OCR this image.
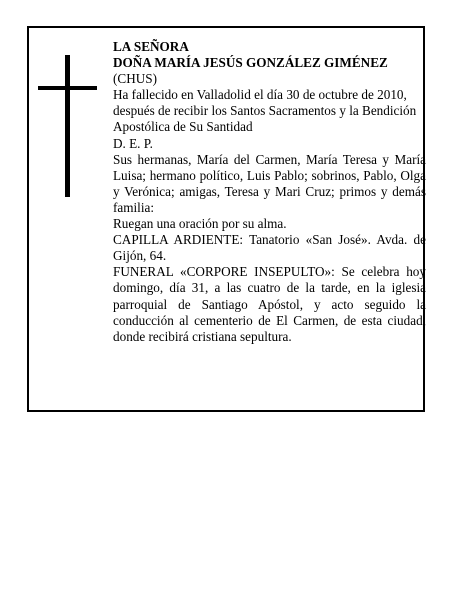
LA SEÑORA

DOÑA MARÍA JESÚS GONZÁLEZ GIMÉNEZ

(CHUS)

Ha fallecido en Valladolid el día 30 de octubre de 2010, después de recibir los Santos Sacramentos y la Bendición Apostólica de Su Santidad

D. E. P.

Sus hermanas, María del Carmen, María Teresa y María Luisa; hermano político, Luis Pablo; sobrinos, Pablo, Olga y Verónica; amigas, Teresa y Mari Cruz; primos y demás familia:

Ruegan una oración por su alma.

CAPILLA ARDIENTE: Tanatorio «San José». Avda. de Gijón, 64.

FUNERAL «CORPORE INSEPULTO»: Se celebra hoy domingo, día 31, a las cuatro de la tarde, en la iglesia parroquial de Santiago Apóstol, y acto seguido la conducción al cementerio de El Carmen, de esta ciudad, donde recibirá cristiana sepultura.
